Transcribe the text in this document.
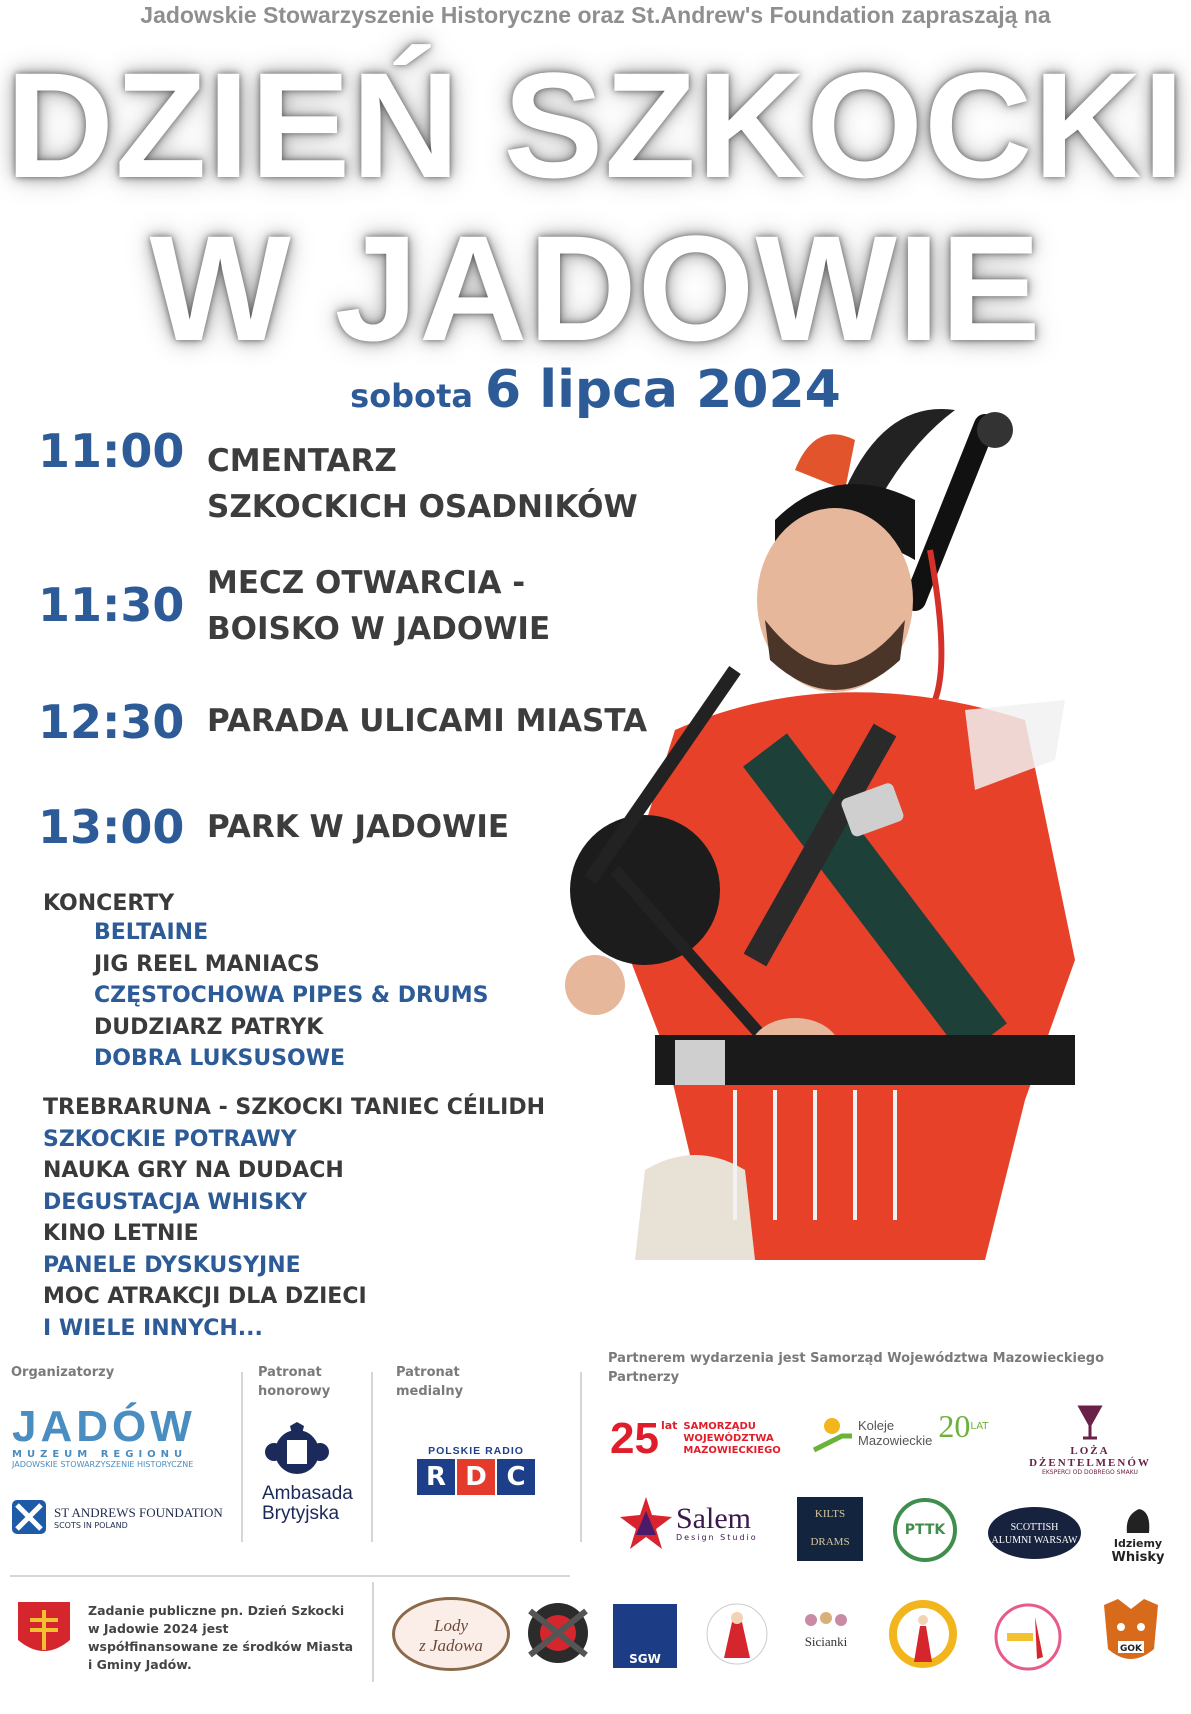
Jadowskie Stowarzyszenie Historyczne oraz St.Andrew's Foundation zapraszają na
DZIEŃ SZKOCKI
W JADOWIE
sobota 6 lipca 2024
11:00 CMENTARZ
SZKOCKICH OSADNIKÓW
11:30 MECZ OTWARCIA -
BOISKO W JADOWIE
12:30 PARADA ULICAMI MIASTA
13:00 PARK W JADOWIE
KONCERTY
BELTAINE
JIG REEL MANIACS
CZĘSTOCHOWA PIPES & DRUMS
DUDZIARZ PATRYK
DOBRA LUKSUSOWE
TREBRARUNA - SZKOCKI TANIEC CÉILIDH
SZKOCKIE POTRAWY
NAUKA GRY NA DUDACH
DEGUSTACJA WHISKY
KINO LETNIE
PANELE DYSKUSYJNE
MOC ATRAKCJI DLA DZIECI
I WIELE INNYCH...
Organizatorzy	Patronat
honorowy
Patronat
medialny
Partnerem wydarzenia jest Samorząd Województwa Mazowieckiego
Partnerzy
JADÓW
MUZEUM REGIONU
JADOWSKIE STOWARZYSZENIE HISTORYCZNE
ST ANDREWS FOUNDATION
SCOTS IN POLAND
Ambasada
Brytyjska
POLSKIE RADIO
R D C
25 lat SAMORZĄDU
WOJEWÓDZTWA
MAZOWIECKIEGO
Koleje
Mazowieckie 20 LAT
LOŻA DŻENTELMENÓW
EKSPERCI OD DOBREGO SMAKU
Salem
Design Studio
KILTS
DRAMS
PTTK	SCOTTISH
ALUMNI WARSAW	Idziemy
Whisky
Zadanie publiczne pn. Dzień Szkocki w Jadowie 2024 jest współfinansowane ze środków Miasta i Gminy Jadów.
Lody
z Jadowa
SGW
Sicianki	GOK
